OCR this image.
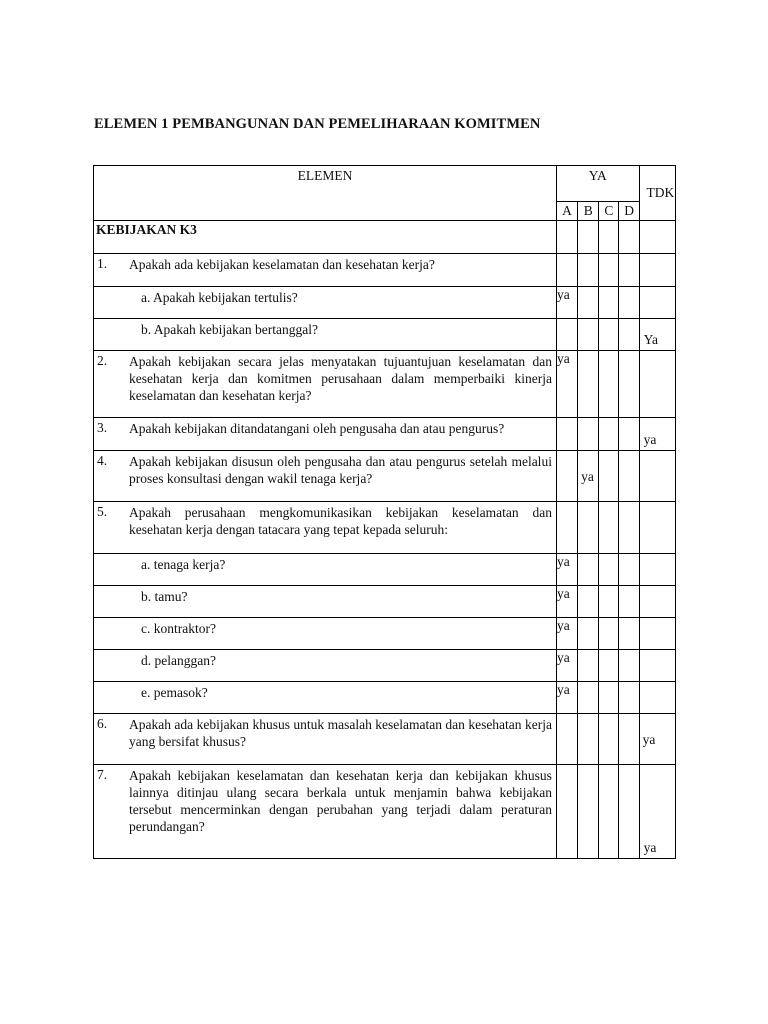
ELEMEN 1 PEMBANGUNAN DAN PEMELIHARAAN KOMITMEN
ELEMEN	YA				TDK
	A	B	C	D	
KEBIJAKAN K3					

1. Apakah ada kebijakan keselamatan dan kesehatan kerja?					

a. Apakah kebijakan tertulis?	ya				

b. Apakah kebijakan bertanggal?					Ya

2. Apakah kebijakan secara jelas menyatakan tujuantujuan keselamatan dan kesehatan kerja dan komitmen perusahaan dalam memperbaiki kinerja keselamatan dan kesehatan kerja?	ya				

3. Apakah kebijakan ditandatangani oleh pengusaha dan atau pengurus?					ya

4. Apakah kebijakan disusun oleh pengusaha dan atau pengurus setelah melalui proses konsultasi dengan wakil tenaga kerja?		ya			

5. Apakah perusahaan mengkomunikasikan kebijakan keselamatan dan kesehatan kerja dengan tatacara yang tepat kepada seluruh:					

a. tenaga kerja?	ya				

b. tamu?	ya				

c. kontraktor?	ya				

d. pelanggan?	ya				

e. pemasok?	ya				

6. Apakah ada kebijakan khusus untuk masalah keselamatan dan kesehatan kerja yang bersifat khusus?					ya

7. Apakah kebijakan keselamatan dan kesehatan kerja dan kebijakan khusus lainnya ditinjau ulang secara berkala untuk menjamin bahwa kebijakan tersebut mencerminkan dengan perubahan yang terjadi dalam peraturan perundangan?					ya
